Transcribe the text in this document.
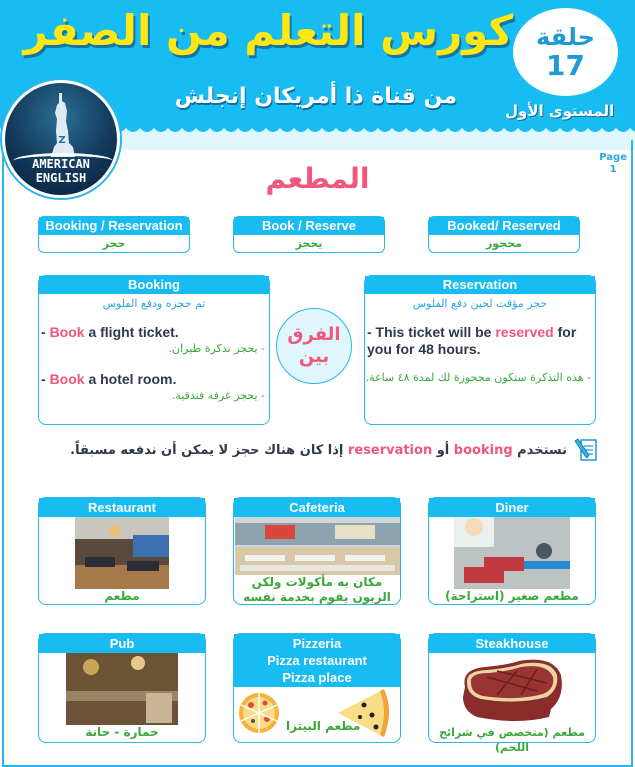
كورس التعلم من الصفر
من قناة ذا أمريكان إنجلش
حلقة
17
المستوى الأول
Z
AMERICAN
ENGLISH
Page
1
المطعم
Booking / Reservation
حجز
Book / Reserve
يحجز
Booked/ Reserved
محجوز
Booking
تم حجزه ودفع الفلوس
- Book a flight ticket.
- يحجز تذكرة طيران.
- Book a hotel room.
- يحجز غرفة فندقية.
الفرق
بين
Reservation
حجز مؤقت لحين دفع الفلوس
- This ticket will be reserved for you for 48 hours.
- هذه التذكرة ستكون محجوزة لك لمدة ٤٨ ساعة.
نستخدم booking أو reservation إذا كان هناك حجز لا يمكن أن ندفعه مسبقاً.
Restaurant
مطعم
Cafeteria
مكان به مأكولات ولكن الزبون يقوم بخدمة نفسه
Diner
مطعم صغير (استراحة)
Pub
خمارة - حانة
Pizzeria
Pizza restaurant
Pizza place
مطعم البيتزا
Steakhouse
مطعم (متخصص في شرائح اللحم)
